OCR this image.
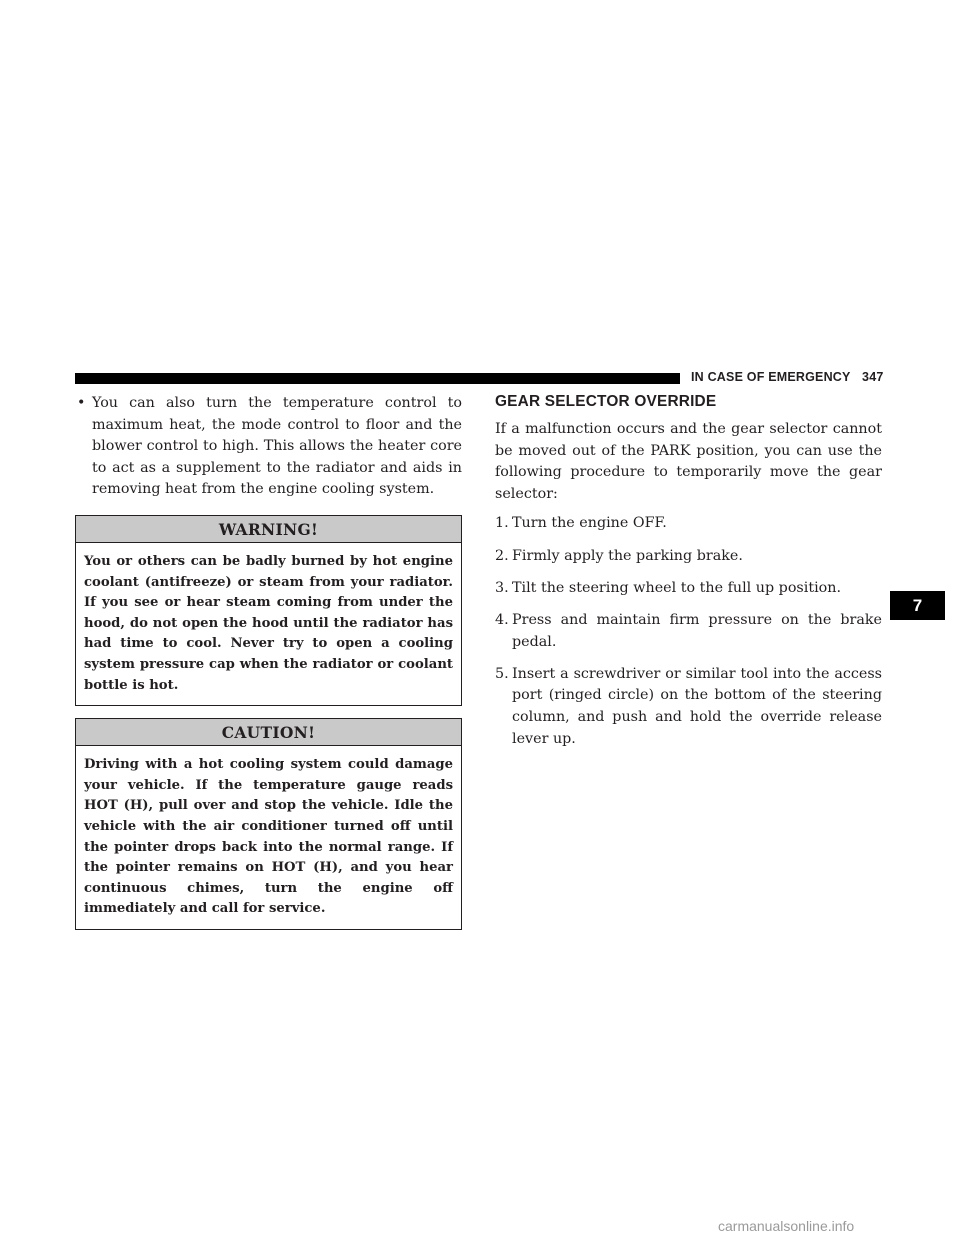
IN CASE OF EMERGENCY 347

• You can also turn the temperature control to maximum heat, the mode control to floor and the blower control to high. This allows the heater core to act as a supplement to the radiator and aids in removing heat from the engine cooling system.

WARNING!

You or others can be badly burned by hot engine coolant (antifreeze) or steam from your radiator. If you see or hear steam coming from under the hood, do not open the hood until the radiator has had time to cool. Never try to open a cooling system pressure cap when the radiator or coolant bottle is hot.

CAUTION!

Driving with a hot cooling system could damage your vehicle. If the temperature gauge reads HOT (H), pull over and stop the vehicle. Idle the vehicle with the air conditioner turned off until the pointer drops back into the normal range. If the pointer remains on HOT (H), and you hear continuous chimes, turn the engine off immediately and call for service.

GEAR SELECTOR OVERRIDE

If a malfunction occurs and the gear selector cannot be moved out of the PARK position, you can use the following procedure to temporarily move the gear selector:

1. Turn the engine OFF.
2. Firmly apply the parking brake.
3. Tilt the steering wheel to the full up position.
4. Press and maintain firm pressure on the brake pedal.
5. Insert a screwdriver or similar tool into the access port (ringed circle) on the bottom of the steering column, and push and hold the override release lever up.
7
carmanualsonline.info
